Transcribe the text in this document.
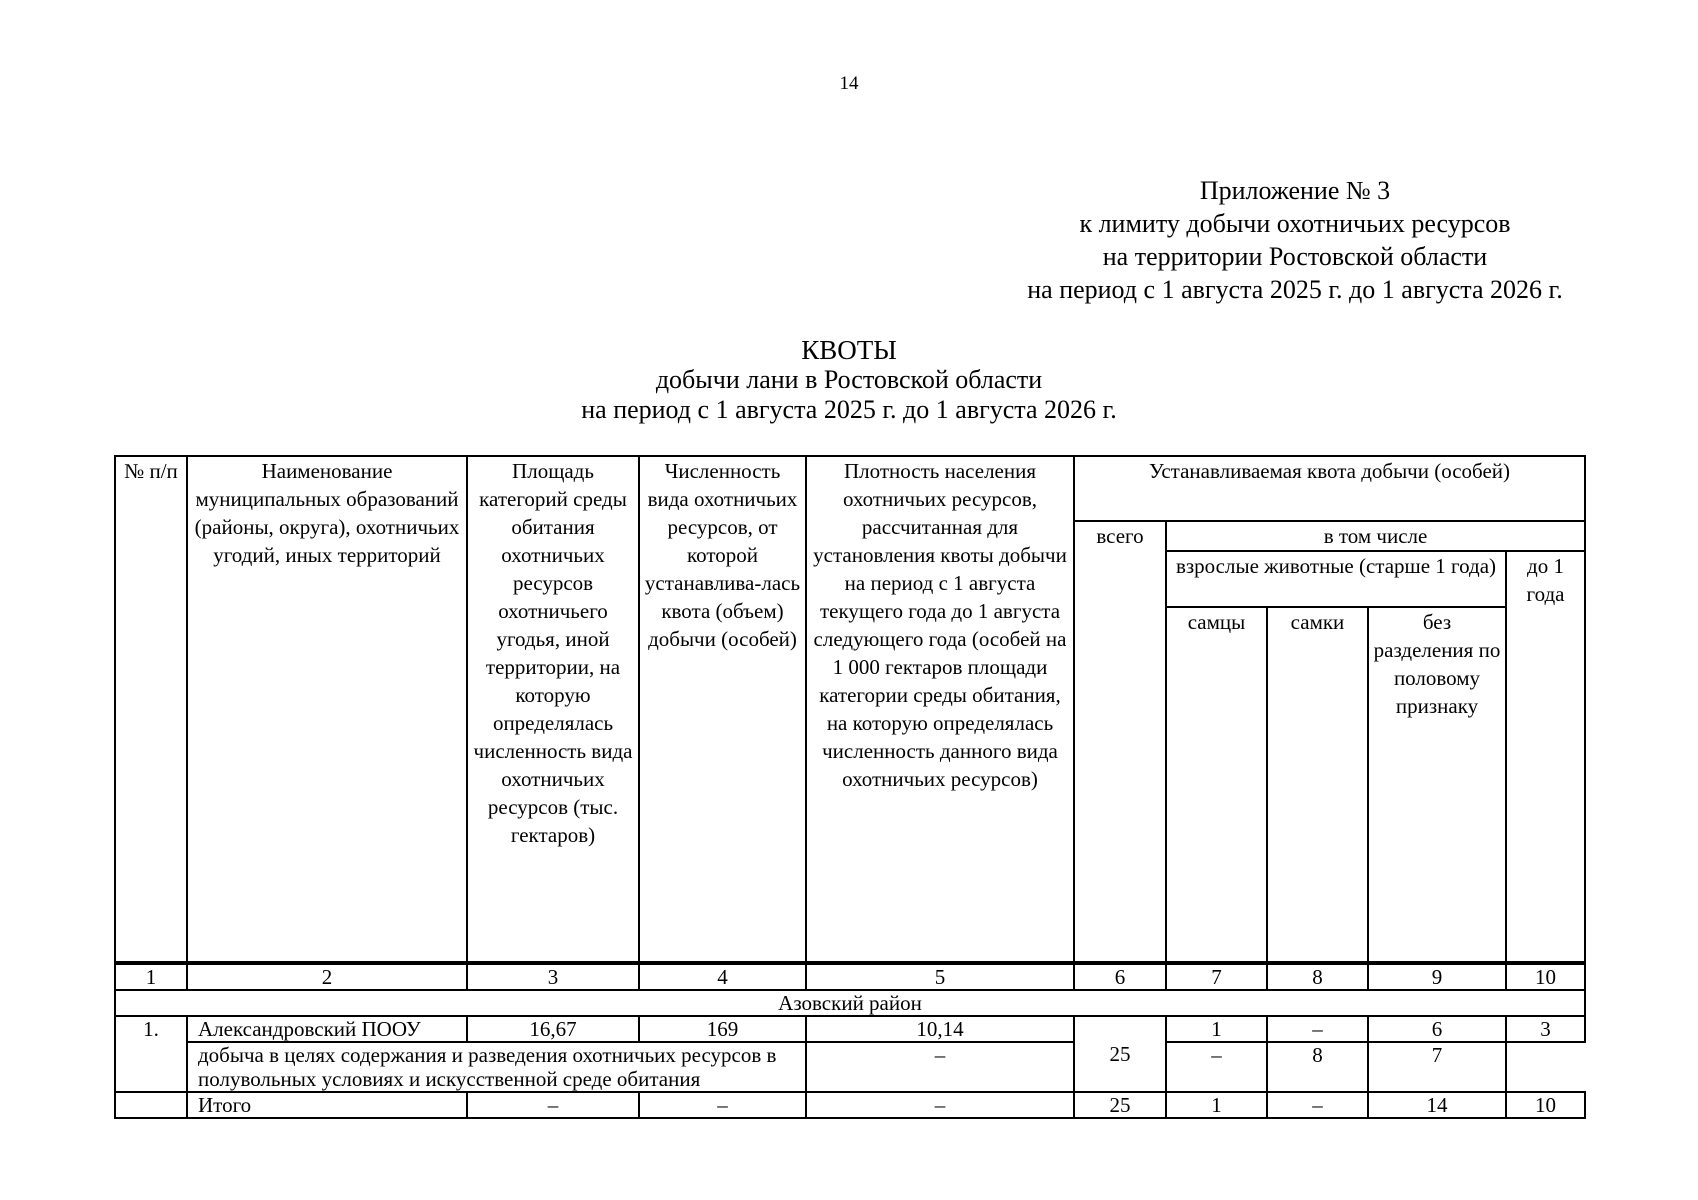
14
Приложение № 3
к лимиту добычи охотничьих ресурсов
на территории Ростовской области
на период с 1 августа 2025 г. до 1 августа 2026 г.
КВОТЫ
добычи лани в Ростовской области
на период с 1 августа 2025 г. до 1 августа 2026 г.
№ п/п	Наименование муниципальных образований (районы, округа), охотничьих угодий, иных территорий	Площадь категорий среды обитания охотничьих ресурсов охотничьего угодья, иной территории, на которую определялась численность вида охотничьих ресурсов (тыс. гектаров)	Численность вида охотничьих ресурсов, от которой устанавлива-лась квота (объем) добычи (особей)	Плотность населения охотничьих ресурсов, рассчитанная для установления квоты добычи на период с 1 августа текущего года до 1 августа следующего года (особей на 1 000 гектаров площади категории среды обитания, на которую определялась численность данного вида охотничьих ресурсов)	Устанавливаемая квота добычи (особей)				
					всего	в том числе			
						взрослые животные (старше 1 года)			до 1 года
						самцы	самки	без разделения по половому признаку	
1	2	3	4	5	6	7	8	9	10
Азовский район									
1.	Александровский ПООУ	16,67	169	10,14	25	1	–	6	3
	добыча в целях содержания и разведения охотничьих ресурсов в полувольных условиях и искусственной среде обитания			–		–	8	7	
	Итого	–	–	–	25	1	–	14	10
